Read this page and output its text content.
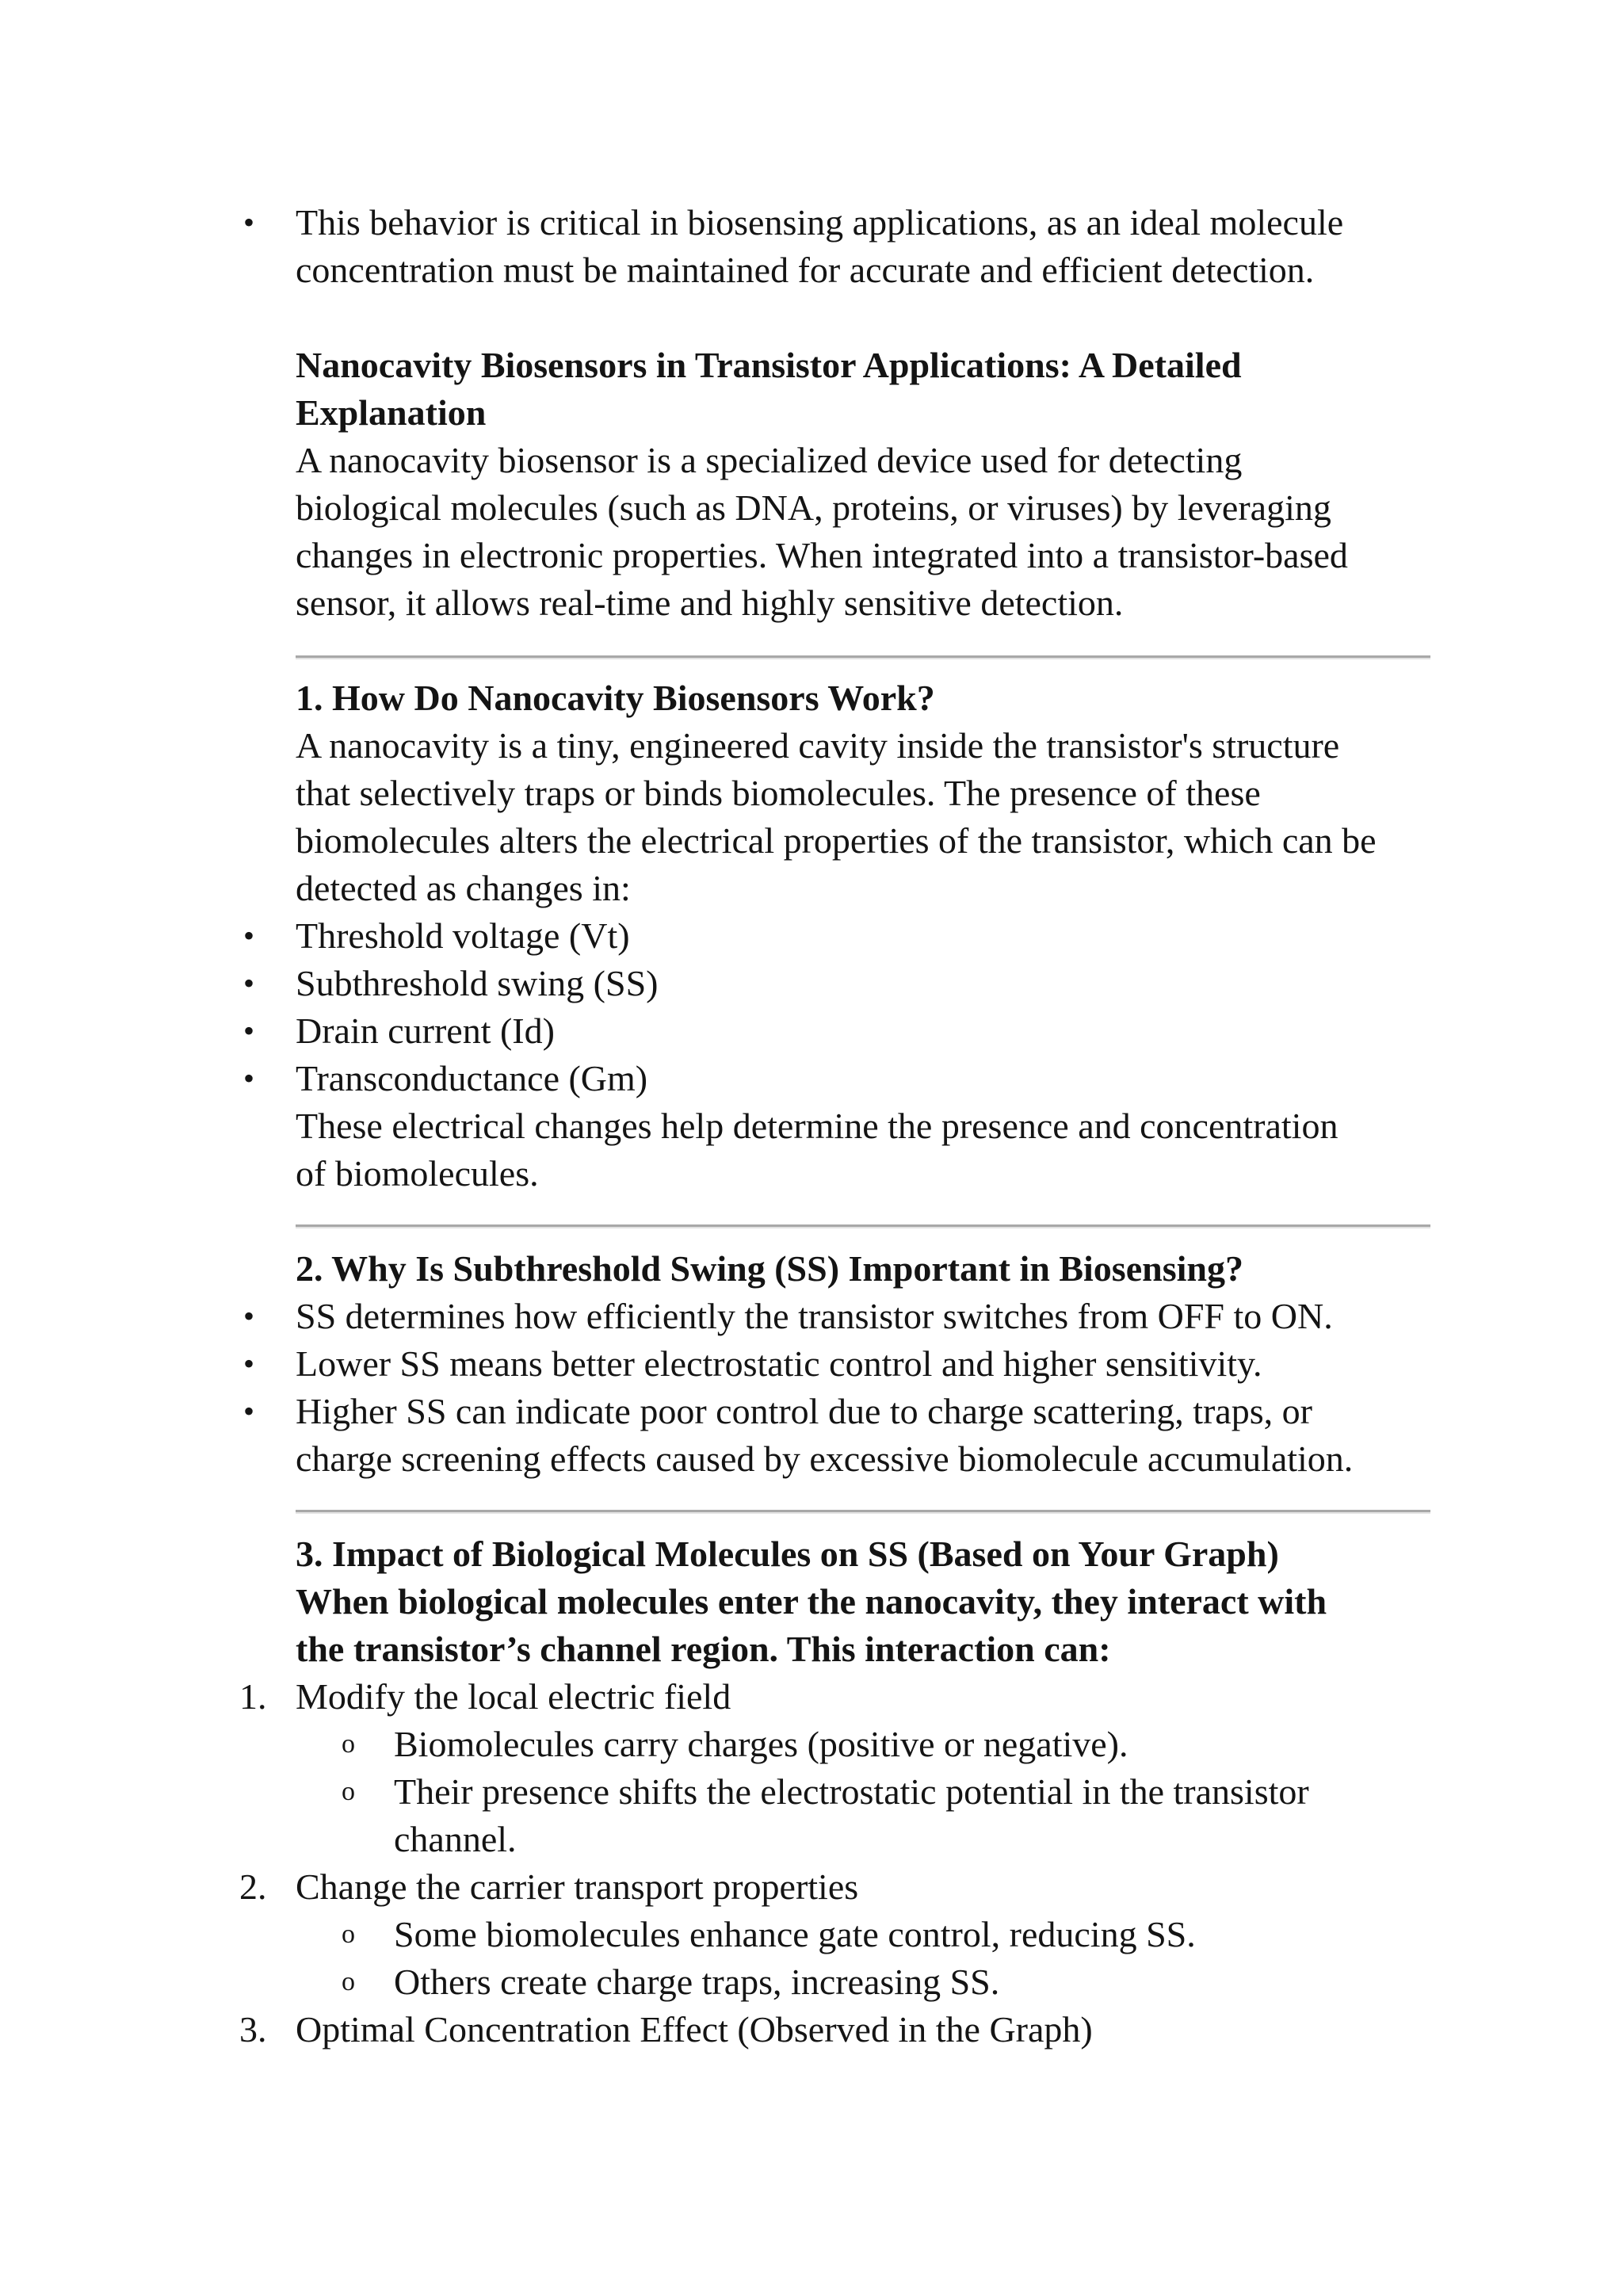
• This behavior is critical in biosensing applications, as an ideal molecule
concentration must be maintained for accurate and efficient detection.
Nanocavity Biosensors in Transistor Applications: A Detailed
Explanation
A nanocavity biosensor is a specialized device used for detecting
biological molecules (such as DNA, proteins, or viruses) by leveraging
changes in electronic properties. When integrated into a transistor-based
sensor, it allows real-time and highly sensitive detection.
1. How Do Nanocavity Biosensors Work?
A nanocavity is a tiny, engineered cavity inside the transistor's structure
that selectively traps or binds biomolecules. The presence of these
biomolecules alters the electrical properties of the transistor, which can be
detected as changes in:
• Threshold voltage (Vt)
• Subthreshold swing (SS)
• Drain current (Id)
• Transconductance (Gm)
These electrical changes help determine the presence and concentration
of biomolecules.
2. Why Is Subthreshold Swing (SS) Important in Biosensing?
• SS determines how efficiently the transistor switches from OFF to ON.
• Lower SS means better electrostatic control and higher sensitivity.
• Higher SS can indicate poor control due to charge scattering, traps, or
charge screening effects caused by excessive biomolecule accumulation.
3. Impact of Biological Molecules on SS (Based on Your Graph)
When biological molecules enter the nanocavity, they interact with
the transistor’s channel region. This interaction can:
1. Modify the local electric field
o Biomolecules carry charges (positive or negative).
o Their presence shifts the electrostatic potential in the transistor
channel.
2. Change the carrier transport properties
o Some biomolecules enhance gate control, reducing SS.
o Others create charge traps, increasing SS.
3. Optimal Concentration Effect (Observed in the Graph)
